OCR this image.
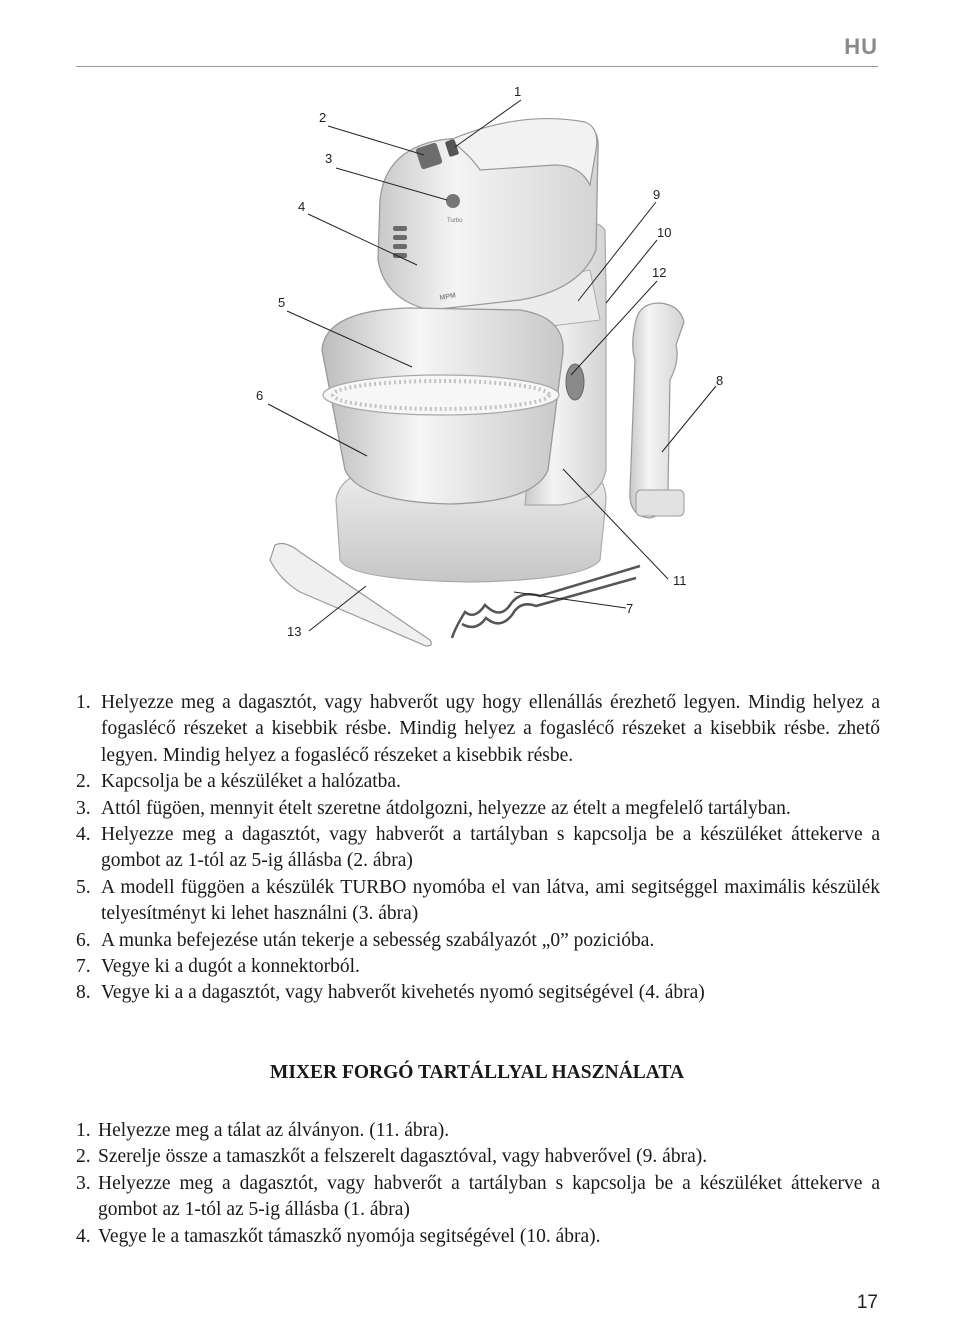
HU
Turbo
MPM
1
2
3
4
5
6
7
8
9
10
11
12
13
1. Helyezze meg a dagasztót, vagy habverőt ugy hogy ellenállás érezhető legyen. Mindig helyez a fogaslécő részeket a kisebbik résbe. Mindig helyez a fogaslécő részeket a kisebbik résbe. zhető legyen. Mindig helyez a fogaslécő részeket a kisebbik résbe.
2. Kapcsolja be a készüléket a halózatba.
3. Attól fügöen, mennyit ételt szeretne átdolgozni, helyezze az ételt a megfelelő tartályban.
4. Helyezze meg a dagasztót, vagy habverőt a tartályban s kapcsolja be a készüléket áttekerve a gombot az 1-tól az 5-ig állásba (2. ábra)
5. A modell függöen a készülék TURBO nyomóba el van látva, ami segitséggel maximális készülék telyesítményt ki lehet használni (3. ábra)
6. A munka befejezése után tekerje a sebesség szabályazót „0” pozicióba.
7. Vegye ki a dugót a konnektorból.
8. Vegye ki a a dagasztót, vagy habverőt kivehetés nyomó segitségével (4. ábra)
MIXER FORGÓ TARTÁLLYAL HASZNÁLATA
1. Helyezze meg a tálat az álványon. (11. ábra).
2. Szerelje össze a tamaszkőt a felszerelt dagasztóval, vagy habverővel (9. ábra).
3. Helyezze meg a dagasztót, vagy habverőt a tartályban s kapcsolja be a készüléket áttekerve a gombot az 1-tól az 5-ig állásba (1. ábra)
4. Vegye le a tamaszkőt támaszkő nyomója segitségével (10. ábra).
17
